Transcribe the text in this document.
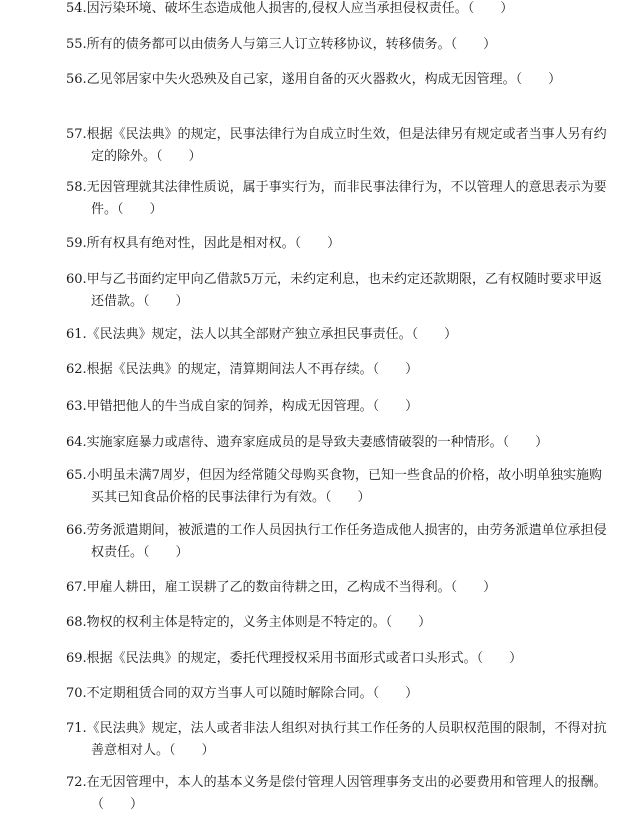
54.因污染环境、破坏生态造成他人损害的,侵权人应当承担侵权责任。（　　）
55.所有的债务都可以由债务人与第三人订立转移协议，转移债务。（　　）
56.乙见邻居家中失火恐殃及自己家，遂用自备的灭火器救火，构成无因管理。（　　）
57.根据《民法典》的规定，民事法律行为自成立时生效，但是法律另有规定或者当事人另有约定的除外。（　　）
58.无因管理就其法律性质说，属于事实行为，而非民事法律行为，不以管理人的意思表示为要件。（　　）
59.所有权具有绝对性，因此是相对权。（　　）
60.甲与乙书面约定甲向乙借款5万元，未约定利息，也未约定还款期限，乙有权随时要求甲返还借款。（　　）
61.《民法典》规定，法人以其全部财产独立承担民事责任。（　　）
62.根据《民法典》的规定，清算期间法人不再存续。（　　）
63.甲错把他人的牛当成自家的饲养，构成无因管理。（　　）
64.实施家庭暴力或虐待、遗弃家庭成员的是导致夫妻感情破裂的一种情形。（　　）
65.小明虽未满7周岁，但因为经常随父母购买食物，已知一些食品的价格，故小明单独实施购买其已知食品价格的民事法律行为有效。（　　）
66.劳务派遣期间，被派遣的工作人员因执行工作任务造成他人损害的，由劳务派遣单位承担侵权责任。（　　）
67.甲雇人耕田，雇工误耕了乙的数亩待耕之田，乙构成不当得利。（　　）
68.物权的权利主体是特定的，义务主体则是不特定的。（　　）
69.根据《民法典》的规定，委托代理授权采用书面形式或者口头形式。（　　）
70.不定期租赁合同的双方当事人可以随时解除合同。（　　）
71.《民法典》规定，法人或者非法人组织对执行其工作任务的人员职权范围的限制，不得对抗善意相对人。（　　）
72.在无因管理中，本人的基本义务是偿付管理人因管理事务支出的必要费用和管理人的报酬。（　　）
